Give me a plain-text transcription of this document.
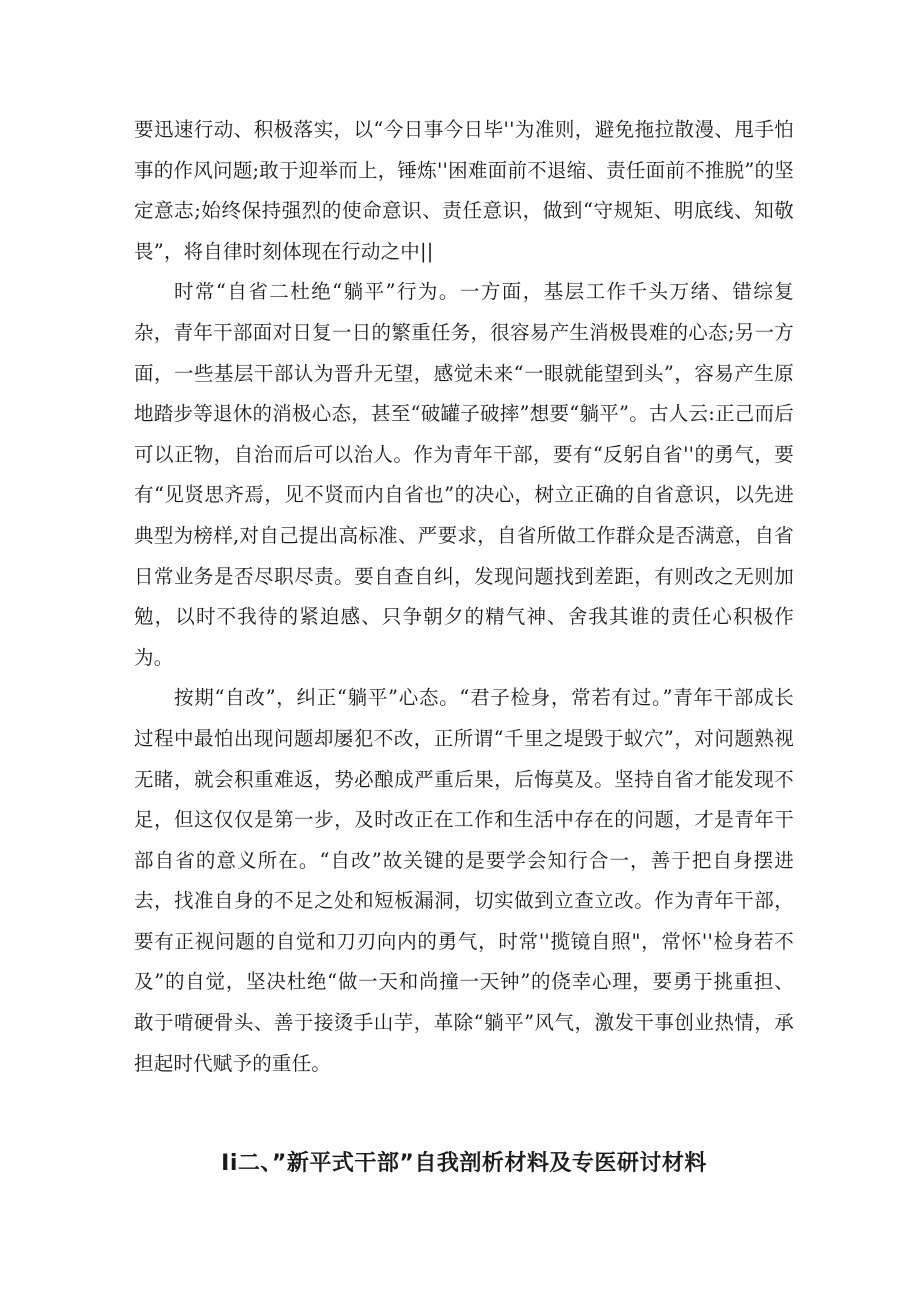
要迅速行动、积极落实，以“今日事今日毕''为准则，避免拖拉散漫、甩手怕事的作风问题;敢于迎举而上，锤炼''困难面前不退缩、责任面前不推脱”的坚定意志;始终保持强烈的使命意识、责任意识，做到“守规矩、明底线、知敬畏”，将自律时刻体现在行动之中||

时常“自省二杜绝“躺平”行为。一方面，基层工作千头万绪、错综复杂，青年干部面对日复一日的繁重任务，很容易产生消极畏难的心态;另一方面，一些基层干部认为晋升无望，感觉未来“一眼就能望到头”，容易产生原地踏步等退休的消极心态，甚至“破罐子破摔”想要“躺平”。古人云:正己而后可以正物，自治而后可以治人。作为青年干部，要有“反躬自省''的勇气，要有“见贤思齐焉，见不贤而内自省也”的决心，树立正确的自省意识，以先进典型为榜样,对自己提出高标准、严要求，自省所做工作群众是否满意，自省日常业务是否尽职尽责。要自查自纠，发现问题找到差距，有则改之无则加勉，以时不我待的紧迫感、只争朝夕的精气神、舍我其谁的责任心积极作为。

按期“自改”，纠正“躺平”心态。“君子检身，常若有过。”青年干部成长过程中最怕出现问题却屡犯不改，正所谓“千里之堤毁于蚁穴”，对问题熟视无睹，就会积重难返，势必酿成严重后果，后悔莫及。坚持自省才能发现不足，但这仅仅是第一步，及时改正在工作和生活中存在的问题，才是青年干部自省的意义所在。“自改”故关键的是要学会知行合一，善于把自身摆进去，找准自身的不足之处和短板漏洞，切实做到立查立改。作为青年干部，要有正视问题的自觉和刀刃向内的勇气，时常''揽镜自照"，常怀''检身若不及”的自觉，坚决杜绝“做一天和尚撞一天钟”的侥幸心理，要勇于挑重担、敢于啃硬骨头、善于接烫手山芋，革除“躺平”风气，激发干事创业热情，承担起时代赋予的重任。

Ii二、”新平式干部”自我剖析材料及专医研讨材料
